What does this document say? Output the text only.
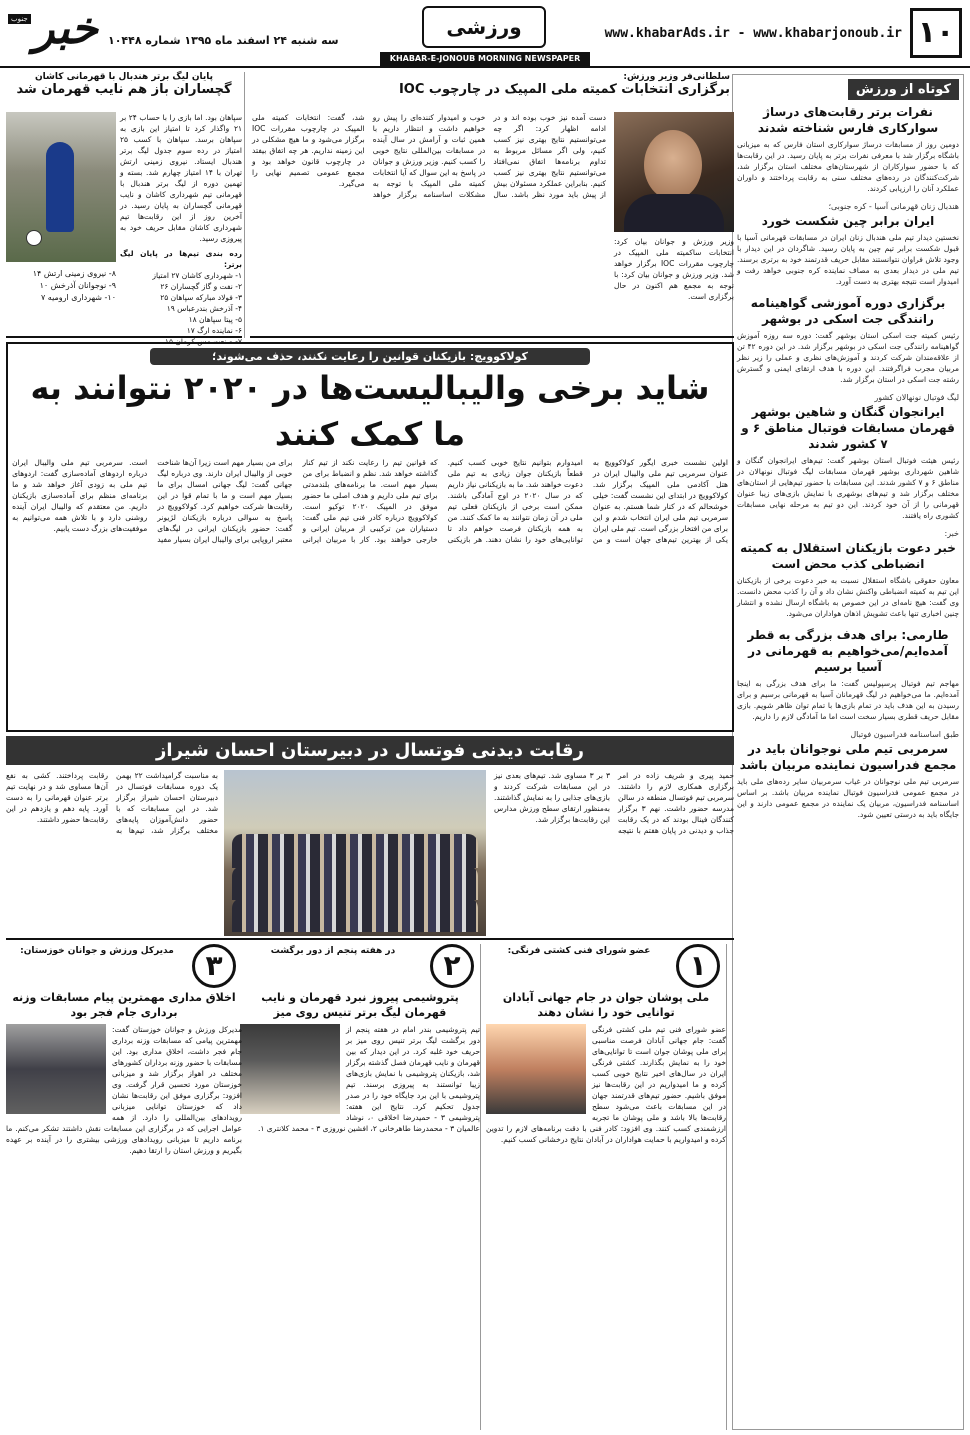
۱۰
www.khabarAds.ir - www.khabarjonoub.ir
ورزشی
سه شنبه ۲۴ اسفند ماه ۱۳۹۵ شماره ۱۰۴۴۸
خبر
جنوب
KHABAR-E-JONOUB MORNING NEWSPAPER
کوتاه از ورزش
نفرات برتر رقابت‌های درساژ سوارکاری فارس شناخته شدند
دومین روز از مسابقات درساژ سوارکاری استان فارس که به میزبانی باشگاه برگزار شد با معرفی نفرات برتر به پایان رسید. در این رقابت‌ها که با حضور سوارکاران از شهرستان‌های مختلف استان برگزار شد، شرکت‌کنندگان در رده‌های مختلف سنی به رقابت پرداختند و داوران عملکرد آنان را ارزیابی کردند.
هندبال زنان قهرمانی آسیا - کره جنوبی؛
ایران برابر چین شکست خورد
نخستین دیدار تیم ملی هندبال زنان ایران در مسابقات قهرمانی آسیا با قبول شکست برابر تیم چین به پایان رسید. شاگردان در این دیدار با وجود تلاش فراوان نتوانستند مقابل حریف قدرتمند خود به برتری برسند. تیم ملی در دیدار بعدی به مصاف نماینده کره جنوبی خواهد رفت و امیدوار است نتیجه بهتری به دست آورد.
برگزاری دوره آموزشی گواهینامه رانندگی جت اسکی در بوشهر
رئیس کمیته جت اسکی استان بوشهر گفت: دوره سه روزه آموزش گواهینامه رانندگی جت اسکی در بوشهر برگزار شد. در این دوره ۴۲ تن از علاقه‌مندان شرکت کردند و آموزش‌های نظری و عملی را زیر نظر مربیان مجرب فراگرفتند. این دوره با هدف ارتقای ایمنی و گسترش رشته جت اسکی در استان برگزار شد.
لیگ فوتبال نونهالان کشور
ایرانجوان گنگان و شاهین بوشهر قهرمان مسابقات فوتبال مناطق ۶ و ۷ کشور شدند
رئیس هیئت فوتبال استان بوشهر گفت: تیم‌های ایرانجوان گنگان و شاهین شهرداری بوشهر قهرمان مسابقات لیگ فوتبال نونهالان در مناطق ۶ و ۷ کشور شدند. این مسابقات با حضور تیم‌هایی از استان‌های مختلف برگزار شد و تیم‌های بوشهری با نمایش بازی‌های زیبا عنوان قهرمانی را از آن خود کردند. این دو تیم به مرحله نهایی مسابقات کشوری راه یافتند.
خبر:
خبر دعوت بازیکنان استقلال به کمیته انضباطی کذب محض است
معاون حقوقی باشگاه استقلال نسبت به خبر دعوت برخی از بازیکنان این تیم به کمیته انضباطی واکنش نشان داد و آن را کذب محض دانست. وی گفت: هیچ نامه‌ای در این خصوص به باشگاه ارسال نشده و انتشار چنین اخباری تنها باعث تشویش اذهان هواداران می‌شود.
طارمی: برای هدف بزرگی به قطر آمده‌ایم/می‌خواهیم به قهرمانی در آسیا برسیم
مهاجم تیم فوتبال پرسپولیس گفت: ما برای هدف بزرگی به اینجا آمده‌ایم. ما می‌خواهیم در لیگ قهرمانان آسیا به قهرمانی برسیم و برای رسیدن به این هدف باید در تمام بازی‌ها با تمام توان ظاهر شویم. بازی مقابل حریف قطری بسیار سخت است اما ما آمادگی لازم را داریم.
طبق اساسنامه فدراسیون فوتبال
سرمربی تیم ملی نوجوانان باید در مجمع فدراسیون نماینده مربیان باشد
سرمربی تیم ملی نوجوانان در غیاب سرمربیان سایر رده‌های ملی باید در مجمع عمومی فدراسیون فوتبال نماینده مربیان باشد. بر اساس اساسنامه فدراسیون، مربیان یک نماینده در مجمع عمومی دارند و این جایگاه باید به درستی تعیین شود.
سلطانی‌فر وزیر ورزش:
برگزاری انتخابات کمیته ملی المپیک در چارچوب IOC
وزیر ورزش و جوانان بیان کرد: انتخابات ساکمیته ملی المپیک در چارچوب مقررات IOC برگزار خواهد شد. وزیر ورزش و جوانان بیان کرد: با توجه به مجمع هم اکنون در حال برگزاری است.
دست آمده نیز خوب بوده اند و در ادامه اظهار کرد: اگر چه می‌توانستیم نتایج بهتری نیز کسب کنیم، ولی اگر مسائل مربوط به تداوم برنامه‌ها اتفاق نمی‌افتاد می‌توانستیم نتایج بهتری نیز کسب کنیم. بنابراین عملکرد مسئولان بیش از پیش باید مورد نظر باشد. سال خوب و امیدوار کننده‌ای را پیش رو خواهیم داشت و انتظار داریم با همین ثبات و آرامش در سال آینده در مسابقات بین‌المللی نتایج خوبی را کسب کنیم. وزیر ورزش و جوانان در پاسخ به این سوال که آیا انتخابات کمیته ملی المپیک با توجه به مشکلات اساسنامه برگزار خواهد شد، گفت: انتخابات کمیته ملی المپیک در چارچوب مقررات IOC برگزار می‌شود و ما هیچ مشکلی در این زمینه نداریم. هر چه اتفاق بیفتد در چارچوب قانون خواهد بود و مجمع عمومی تصمیم نهایی را می‌گیرد.
پایان لیگ برتر هندبال با قهرمانی کاشان
گچساران باز هم نایب قهرمان شد
سپاهان بود. اما بازی را با حساب ۲۴ بر ۲۱ واگذار کرد تا امتیاز این بازی به سپاهان برسد. سپاهان با کسب ۲۵ امتیاز در رده سوم جدول لیگ برتر هندبال ایستاد. نیروی زمینی ارتش تهران با ۱۴ امتیاز چهارم شد. بسته و تهمین دوره از لیگ برتر هندبال با قهرمانی تیم شهرداری کاشان و نایب قهرمانی گچساران به پایان رسید. در آخرین روز از این رقابت‌ها تیم شهرداری کاشان مقابل حریف خود به پیروزی رسید.
رده بندی تیم‌ها در پایان لیگ برتر:
۱- شهرداری کاشان ۲۷ امتیاز
۲- نفت و گاز گچساران ۲۶
۳- فولاد مبارکه سپاهان ۲۵
۴- آذرخش بندرعباس ۱۹
۵- پیتا سپاهان ۱۸
۶- نماینده ارگ ۱۷
۷- صنعت مس کرمان ۱۵
۸- نیروی زمینی ارتش ۱۴
۹- نوجوانان آذرخش ۱۰
۱۰- شهرداری ارومیه ۷
کولاکوویچ: بازیکنان قوانین را رعایت نکنند، حذف می‌شوند؛
شاید برخی والیبالیست‌ها در ۲۰۲۰ نتوانند به ما کمک کنند
اولین نشست خبری ایگور کولاکوویچ به عنوان سرمربی تیم ملی والیبال ایران در هتل آکادمی ملی المپیک برگزار شد. کولاکوویچ در ابتدای این نشست گفت: خیلی خوشحالم که در کنار شما هستم. به عنوان سرمربی تیم ملی ایران انتخاب شدم و این برای من افتخار بزرگی است. تیم ملی ایران یکی از بهترین تیم‌های جهان است و من امیدوارم بتوانیم نتایج خوبی کسب کنیم. قطعاً بازیکنان جوان زیادی به تیم ملی دعوت خواهند شد. ما به بازیکنانی نیاز داریم که در سال ۲۰۲۰ در اوج آمادگی باشند. ممکن است برخی از بازیکنان فعلی تیم ملی در آن زمان نتوانند به ما کمک کنند. من به همه بازیکنان فرصت خواهم داد تا توانایی‌های خود را نشان دهند. هر بازیکنی که قوانین تیم را رعایت نکند از تیم کنار گذاشته خواهد شد. نظم و انضباط برای من بسیار مهم است. ما برنامه‌های بلندمدتی برای تیم ملی داریم و هدف اصلی ما حضور موفق در المپیک ۲۰۲۰ توکیو است. کولاکوویچ درباره کادر فنی تیم ملی گفت: دستیاران من ترکیبی از مربیان ایرانی و خارجی خواهند بود. کار با مربیان ایرانی برای من بسیار مهم است زیرا آن‌ها شناخت خوبی از والیبال ایران دارند. وی درباره لیگ جهانی گفت: لیگ جهانی امسال برای ما بسیار مهم است و ما با تمام قوا در این رقابت‌ها شرکت خواهیم کرد. کولاکوویچ در پاسخ به سوالی درباره بازیکنان لژیونر گفت: حضور بازیکنان ایرانی در لیگ‌های معتبر اروپایی برای والیبال ایران بسیار مفید است. سرمربی تیم ملی والیبال ایران درباره اردوهای آماده‌سازی گفت: اردوهای تیم ملی به زودی آغاز خواهد شد و ما برنامه‌ای منظم برای آماده‌سازی بازیکنان داریم. من معتقدم که والیبال ایران آینده روشنی دارد و با تلاش همه می‌توانیم به موفقیت‌های بزرگ دست یابیم.
رقابت دیدنی فوتسال در دبیرستان احسان شیراز
حمید پیری و شریف زاده در امر برگزاری همکاری لازم را داشتند. سرمربی تیم فوتسال منطقه در سالن مدرسه حضور داشت. نهم ۳ برگزار کنندگان فینال بودند که در یک رقابت جذاب و دیدنی در پایان هفتم با نتیجه ۳ بر ۳ مساوی شد. تیم‌های بعدی نیز در این مسابقات شرکت کردند و بازی‌های جذابی را به نمایش گذاشتند. به‌منظور ارتقای سطح ورزش مدارس این رقابت‌ها برگزار شد.
به مناسبت گرامیداشت ۲۲ بهمن یک دوره مسابقات فوتسال در دبیرستان احسان شیراز برگزار شد. در این مسابقات که با حضور دانش‌آموزان پایه‌های مختلف برگزار شد، تیم‌ها به رقابت پرداختند. کشی به نفع آن‌ها مساوی شد و در نهایت تیم برتر عنوان قهرمانی را به دست آورد. پایه دهم و یازدهم در این رقابت‌ها حضور داشتند.
۱
عضو شورای فنی کشتی فرنگی:
ملی پوشان جوان در جام جهانی آبادان توانایی خود را نشان دهند
عضو شورای فنی تیم ملی کشتی فرنگی گفت: جام جهانی آبادان فرصت مناسبی برای ملی پوشان جوان است تا توانایی‌های خود را به نمایش بگذارند. کشتی فرنگی ایران در سال‌های اخیر نتایج خوبی کسب کرده و ما امیدواریم در این رقابت‌ها نیز موفق باشیم. حضور تیم‌های قدرتمند جهان در این مسابقات باعث می‌شود سطح رقابت‌ها بالا باشد و ملی پوشان ما تجربه ارزشمندی کسب کنند. وی افزود: کادر فنی با دقت برنامه‌های لازم را تدوین کرده و امیدواریم با حمایت هواداران در آبادان نتایج درخشانی کسب کنیم.
۲
در هفته پنجم از دور برگشت
پتروشیمی پیروز نبرد قهرمان و نایب قهرمان لیگ برتر تنیس روی میز
تیم پتروشیمی بندر امام در هفته پنجم از دور برگشت لیگ برتر تنیس روی میز بر حریف خود غلبه کرد. در این دیدار که بین قهرمان و نایب قهرمان فصل گذشته برگزار شد، بازیکنان پتروشیمی با نمایش بازی‌های زیبا توانستند به پیروزی برسند. تیم پتروشیمی با این برد جایگاه خود را در صدر جدول تحکیم کرد. نتایج این هفته: پتروشیمی ۳ - حمیدرضا اخلاقی ۰، نوشاد عالمیان ۳ - محمدرضا طاهرخانی ۲، افشین نوروزی ۳ - محمد کلانتری ۱.
۳
مدیرکل ورزش و جوانان خوزستان:
اخلاق مداری مهمترین پیام مسابقات وزنه برداری جام فجر بود
مدیرکل ورزش و جوانان خوزستان گفت: مهمترین پیامی که مسابقات وزنه برداری جام فجر داشت، اخلاق مداری بود. این مسابقات با حضور وزنه برداران کشورهای مختلف در اهواز برگزار شد و میزبانی خوزستان مورد تحسین قرار گرفت. وی افزود: برگزاری موفق این رقابت‌ها نشان داد که خوزستان توانایی میزبانی رویدادهای بین‌المللی را دارد. از همه عوامل اجرایی که در برگزاری این مسابقات نقش داشتند تشکر می‌کنم. ما برنامه داریم تا میزبانی رویدادهای ورزشی بیشتری را در آینده بر عهده بگیریم و ورزش استان را ارتقا دهیم.
